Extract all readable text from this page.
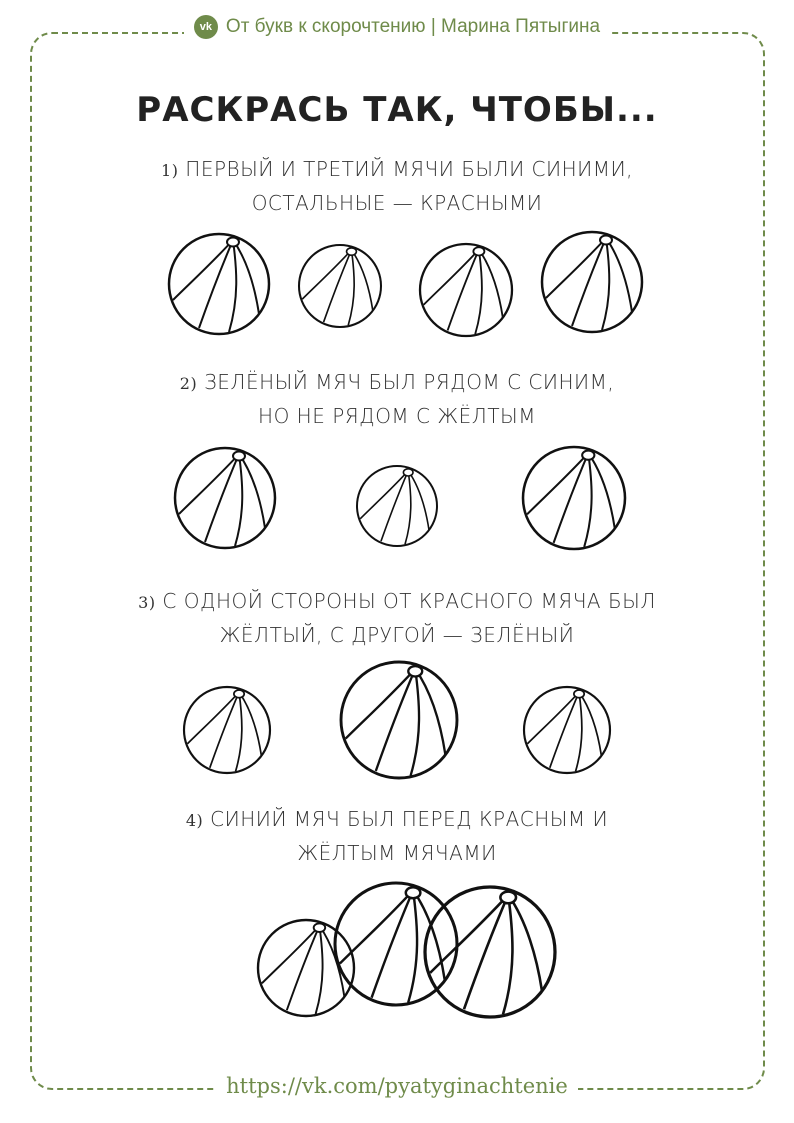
vk От букв к скорочтению | Марина Пятыгина
РАСКРАСЬ ТАК, ЧТОБЫ...
1) ПЕРВЫЙ И ТРЕТИЙ МЯЧИ БЫЛИ СИНИМИ,
ОСТАЛЬНЫЕ — КРАСНЫМИ
2) ЗЕЛЁНЫЙ МЯЧ БЫЛ РЯДОМ С СИНИМ,
НО НЕ РЯДОМ С ЖЁЛТЫМ
3) С ОДНОЙ СТОРОНЫ ОТ КРАСНОГО МЯЧА БЫЛ
ЖЁЛТЫЙ, С ДРУГОЙ — ЗЕЛЁНЫЙ
4) СИНИЙ МЯЧ БЫЛ ПЕРЕД КРАСНЫМ И
ЖЁЛТЫМ МЯЧАМИ
https://vk.com/pyatyginachtenie
